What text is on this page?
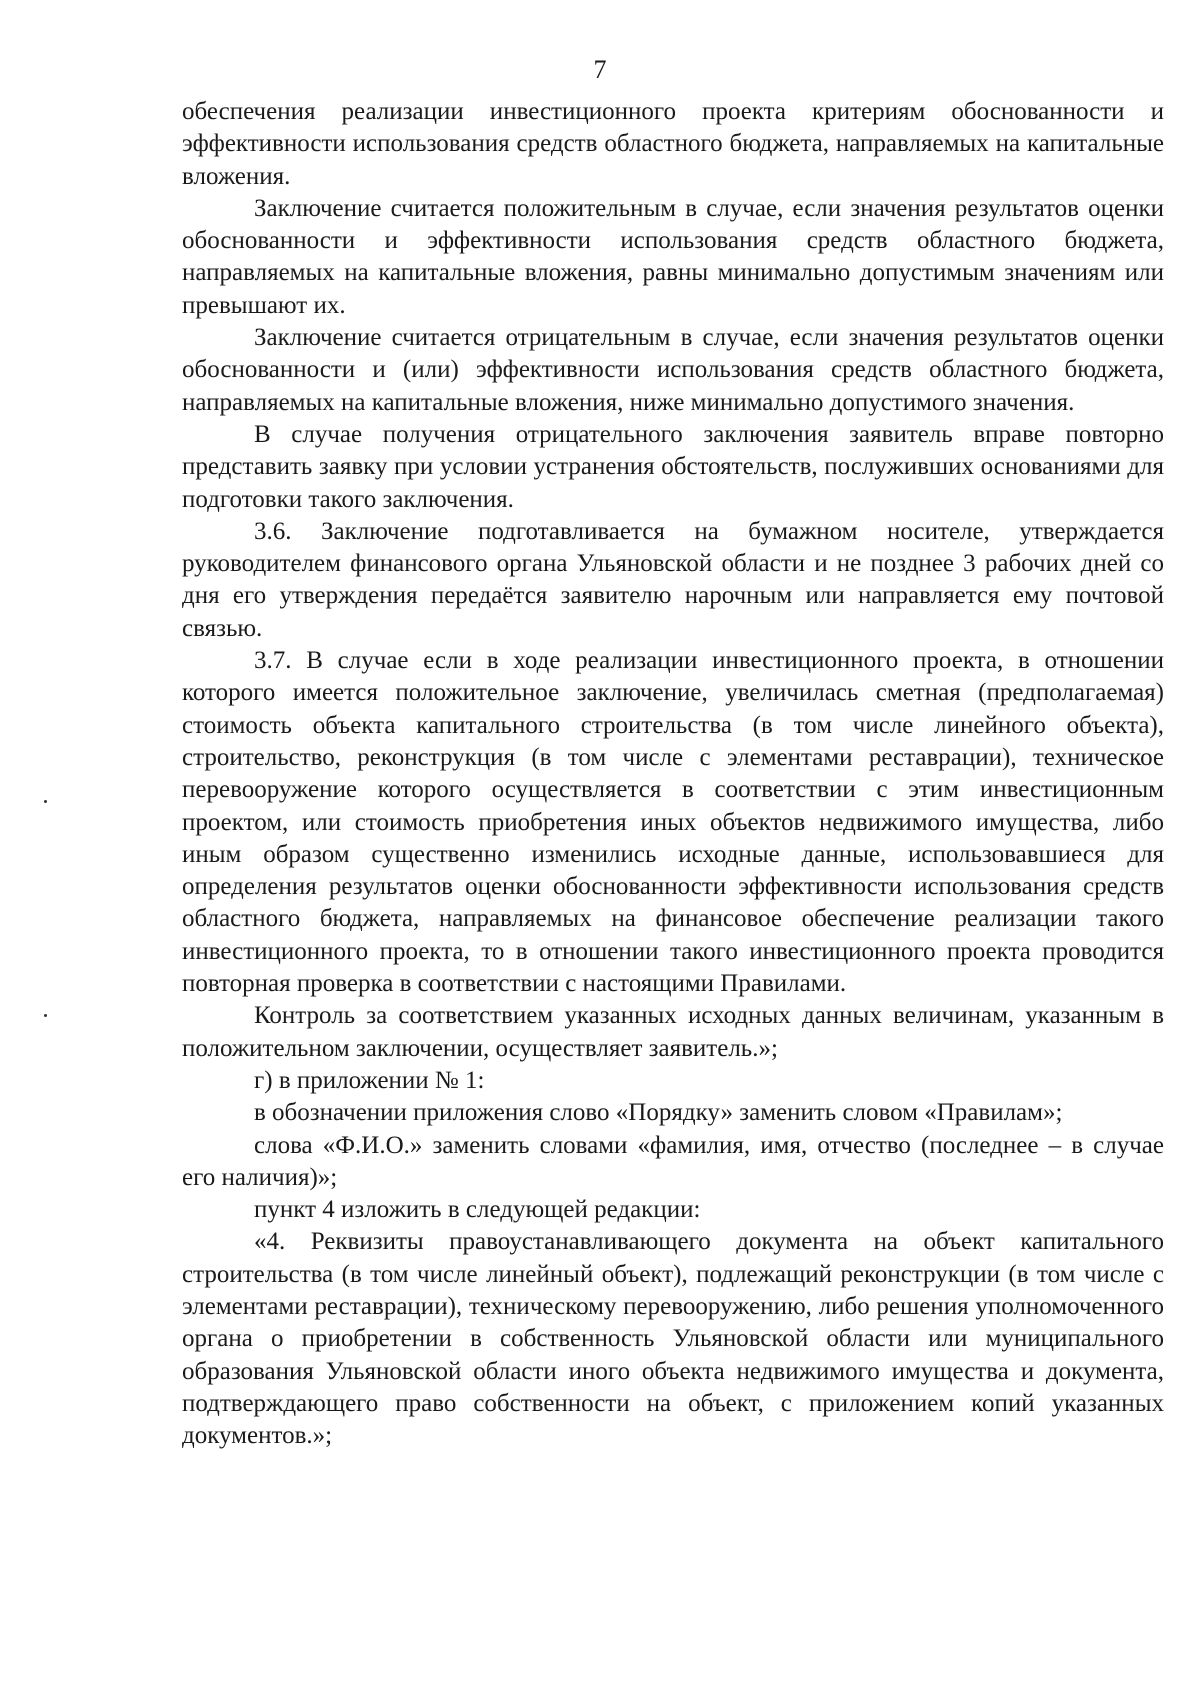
7

обеспечения реализации инвестиционного проекта критериям обоснованности и эффективности использования средств областного бюджета, направляемых на капитальные вложения.

Заключение считается положительным в случае, если значения результатов оценки обоснованности и эффективности использования средств областного бюджета, направляемых на капитальные вложения, равны минимально допустимым значениям или превышают их.

Заключение считается отрицательным в случае, если значения результатов оценки обоснованности и (или) эффективности использования средств областного бюджета, направляемых на капитальные вложения, ниже минимально допустимого значения.

В случае получения отрицательного заключения заявитель вправе повторно представить заявку при условии устранения обстоятельств, послуживших основаниями для подготовки такого заключения.

3.6. Заключение подготавливается на бумажном носителе, утверждается руководителем финансового органа Ульяновской области и не позднее 3 рабочих дней со дня его утверждения передаётся заявителю нарочным или направляется ему почтовой связью.

3.7. В случае если в ходе реализации инвестиционного проекта, в отношении которого имеется положительное заключение, увеличилась сметная (предполагаемая) стоимость объекта капитального строительства (в том числе линейного объекта), строительство, реконструкция (в том числе с элементами реставрации), техническое перевооружение которого осуществляется в соответствии с этим инвестиционным проектом, или стоимость приобретения иных объектов недвижимого имущества, либо иным образом существенно изменились исходные данные, использовавшиеся для определения результатов оценки обоснованности эффективности использования средств областного бюджета, направляемых на финансовое обеспечение реализации такого инвестиционного проекта, то в отношении такого инвестиционного проекта проводится повторная проверка в соответствии с настоящими Правилами.

Контроль за соответствием указанных исходных данных величинам, указанным в положительном заключении, осуществляет заявитель.»;

г) в приложении № 1:

в обозначении приложения слово «Порядку» заменить словом «Правилам»;

слова «Ф.И.О.» заменить словами «фамилия, имя, отчество (последнее – в случае его наличия)»;

пункт 4 изложить в следующей редакции:

«4. Реквизиты правоустанавливающего документа на объект капитального строительства (в том числе линейный объект), подлежащий реконструкции (в том числе с элементами реставрации), техническому перевооружению, либо решения уполномоченного органа о приобретении в собственность Ульяновской области или муниципального образования Ульяновской области иного объекта недвижимого имущества и документа, подтверждающего право собственности на объект, с приложением копий указанных документов.»;
